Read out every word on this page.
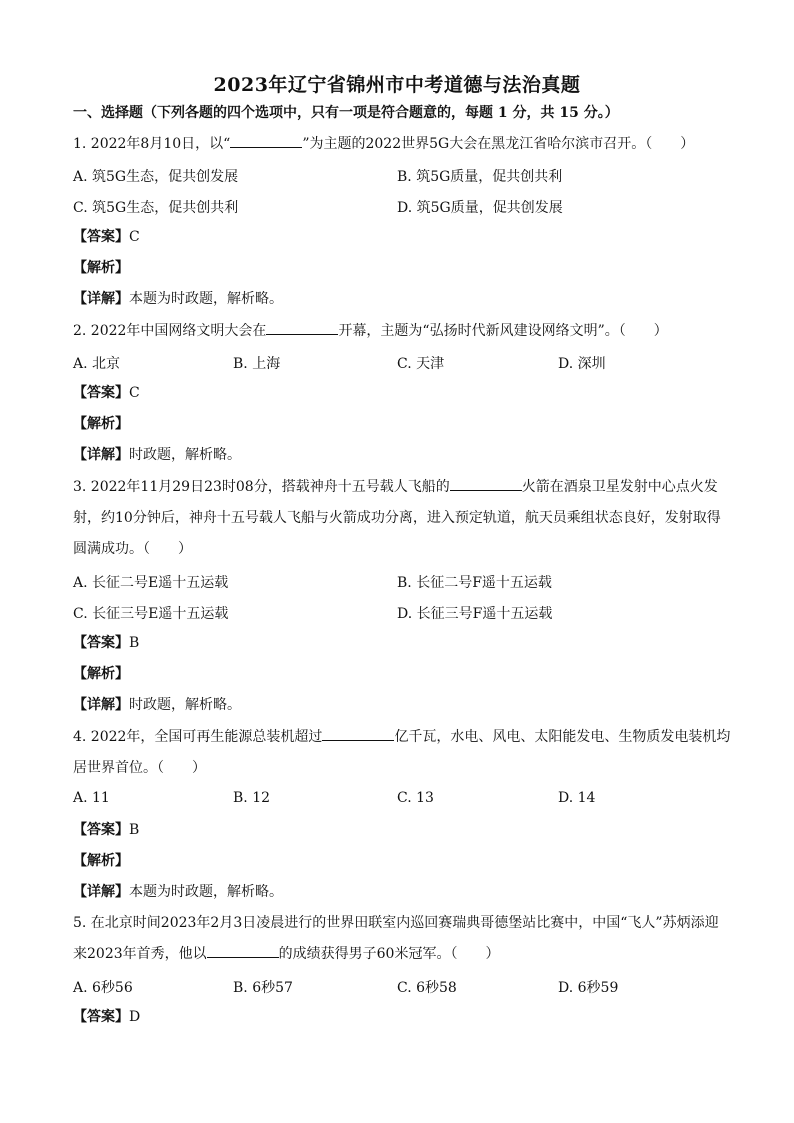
2023年辽宁省锦州市中考道德与法治真题
一、选择题（下列各题的四个选项中，只有一项是符合题意的，每题 1 分，共 15 分。）
1. 2022年8月10日，以“	”为主题的2022世界5G大会在黑龙江省哈尔滨市召开。（　　）
A. 筑5G生态，促共创发展	B. 筑5G质量，促共创共利
C. 筑5G生态，促共创共利	D. 筑5G质量，促共创发展
【答案】C
【解析】
【详解】本题为时政题，解析略。
2. 2022年中国网络文明大会在	开幕，主题为“弘扬时代新风建设网络文明”。（　　）
A. 北京	B. 上海	C. 天津	D. 深圳
【答案】C
【解析】
【详解】时政题，解析略。
3. 2022年11月29日23时08分，搭载神舟十五号载人飞船的	火箭在酒泉卫星发射中心点火发
射，约10分钟后，神舟十五号载人飞船与火箭成功分离，进入预定轨道，航天员乘组状态良好，发射取得
圆满成功。（　　）
A. 长征二号E遥十五运载	B. 长征二号F遥十五运载
C. 长征三号E遥十五运载	D. 长征三号F遥十五运载
【答案】B
【解析】
【详解】时政题，解析略。
4. 2022年，全国可再生能源总装机超过	亿千瓦，水电、风电、太阳能发电、生物质发电装机均
居世界首位。（　　）
A. 11	B. 12	C. 13	D. 14
【答案】B
【解析】
【详解】本题为时政题，解析略。
5. 在北京时间2023年2月3日凌晨进行的世界田联室内巡回赛瑞典哥德堡站比赛中，中国“飞人”苏炳添迎
来2023年首秀，他以	的成绩获得男子60米冠军。（　　）
A. 6秒56	B. 6秒57	C. 6秒58	D. 6秒59
【答案】D
